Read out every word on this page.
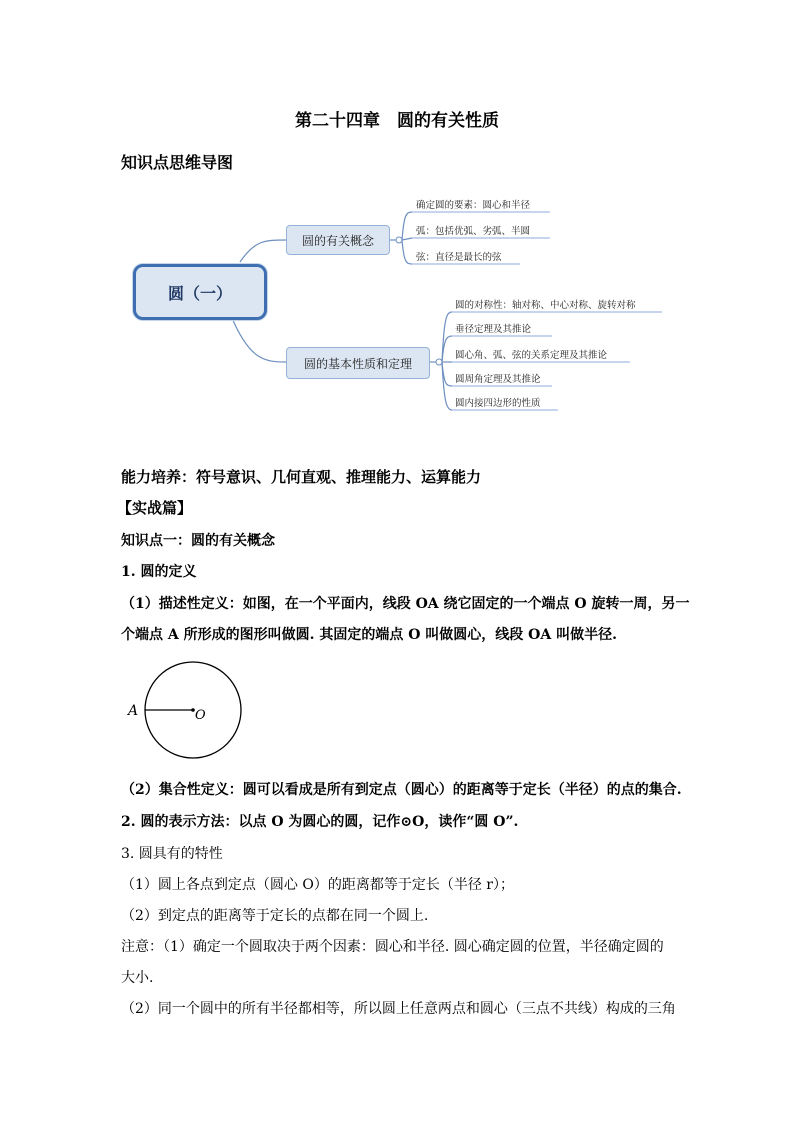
第二十四章　圆的有关性质
知识点思维导图
圆（一）
圆的有关概念
圆的基本性质和定理
确定圆的要素：圆心和半径
弧：包括优弧、劣弧、半圆
弦：直径是最长的弦
圆的对称性：轴对称、中心对称、旋转对称
垂径定理及其推论
圆心角、弧、弦的关系定理及其推论
圆周角定理及其推论
圆内接四边形的性质
能力培养：符号意识、几何直观、推理能力、运算能力
【实战篇】
知识点一：圆的有关概念
1. 圆的定义
（1）描述性定义：如图，在一个平面内，线段 OA 绕它固定的一个端点 O 旋转一周，另一
个端点 A 所形成的图形叫做圆. 其固定的端点 O 叫做圆心，线段 OA 叫做半径.
A	O
（2）集合性定义：圆可以看成是所有到定点（圆心）的距离等于定长（半径）的点的集合.
2. 圆的表示方法：以点 O 为圆心的圆，记作⊙O，读作“圆 O”.
3. 圆具有的特性
（1）圆上各点到定点（圆心 O）的距离都等于定长（半径 r）；
（2）到定点的距离等于定长的点都在同一个圆上.
注意：（1）确定一个圆取决于两个因素：圆心和半径. 圆心确定圆的位置，半径确定圆的
大小.
（2）同一个圆中的所有半径都相等，所以圆上任意两点和圆心（三点不共线）构成的三角
